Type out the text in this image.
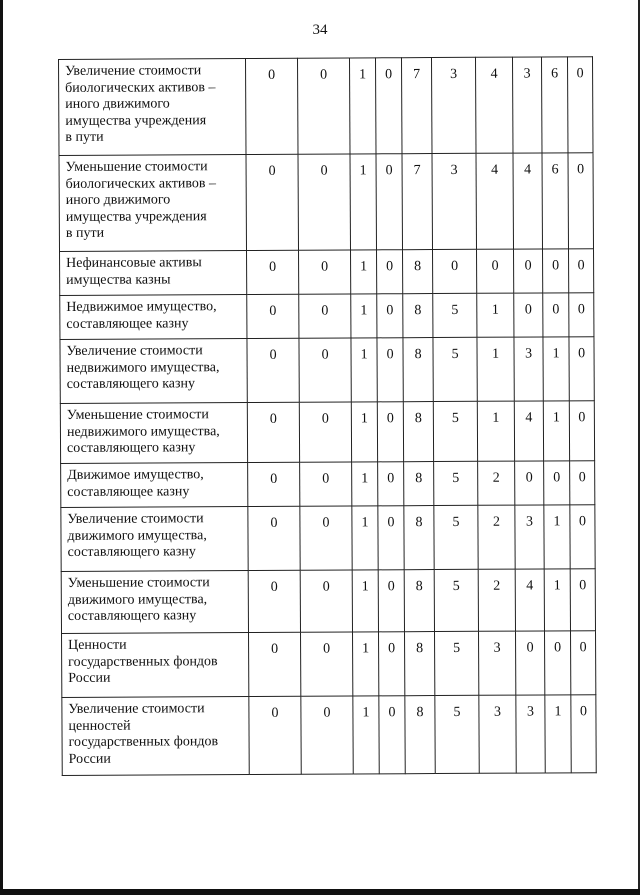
34
Увеличение стоимости
биологических активов –
иного движимого
имущества учреждения
в пути	0	0	1	0	7	3	4	3	6	0
Уменьшение стоимости
биологических активов –
иного движимого
имущества учреждения
в пути	0	0	1	0	7	3	4	4	6	0
Нефинансовые активы
имущества казны	0	0	1	0	8	0	0	0	0	0
Недвижимое имущество,
составляющее казну	0	0	1	0	8	5	1	0	0	0
Увеличение стоимости
недвижимого имущества,
составляющего казну	0	0	1	0	8	5	1	3	1	0
Уменьшение стоимости
недвижимого имущества,
составляющего казну	0	0	1	0	8	5	1	4	1	0
Движимое имущество,
составляющее казну	0	0	1	0	8	5	2	0	0	0
Увеличение стоимости
движимого имущества,
составляющего казну	0	0	1	0	8	5	2	3	1	0
Уменьшение стоимости
движимого имущества,
составляющего казну	0	0	1	0	8	5	2	4	1	0
Ценности
государственных фондов
России	0	0	1	0	8	5	3	0	0	0
Увеличение стоимости
ценностей
государственных фондов
России	0	0	1	0	8	5	3	3	1	0
